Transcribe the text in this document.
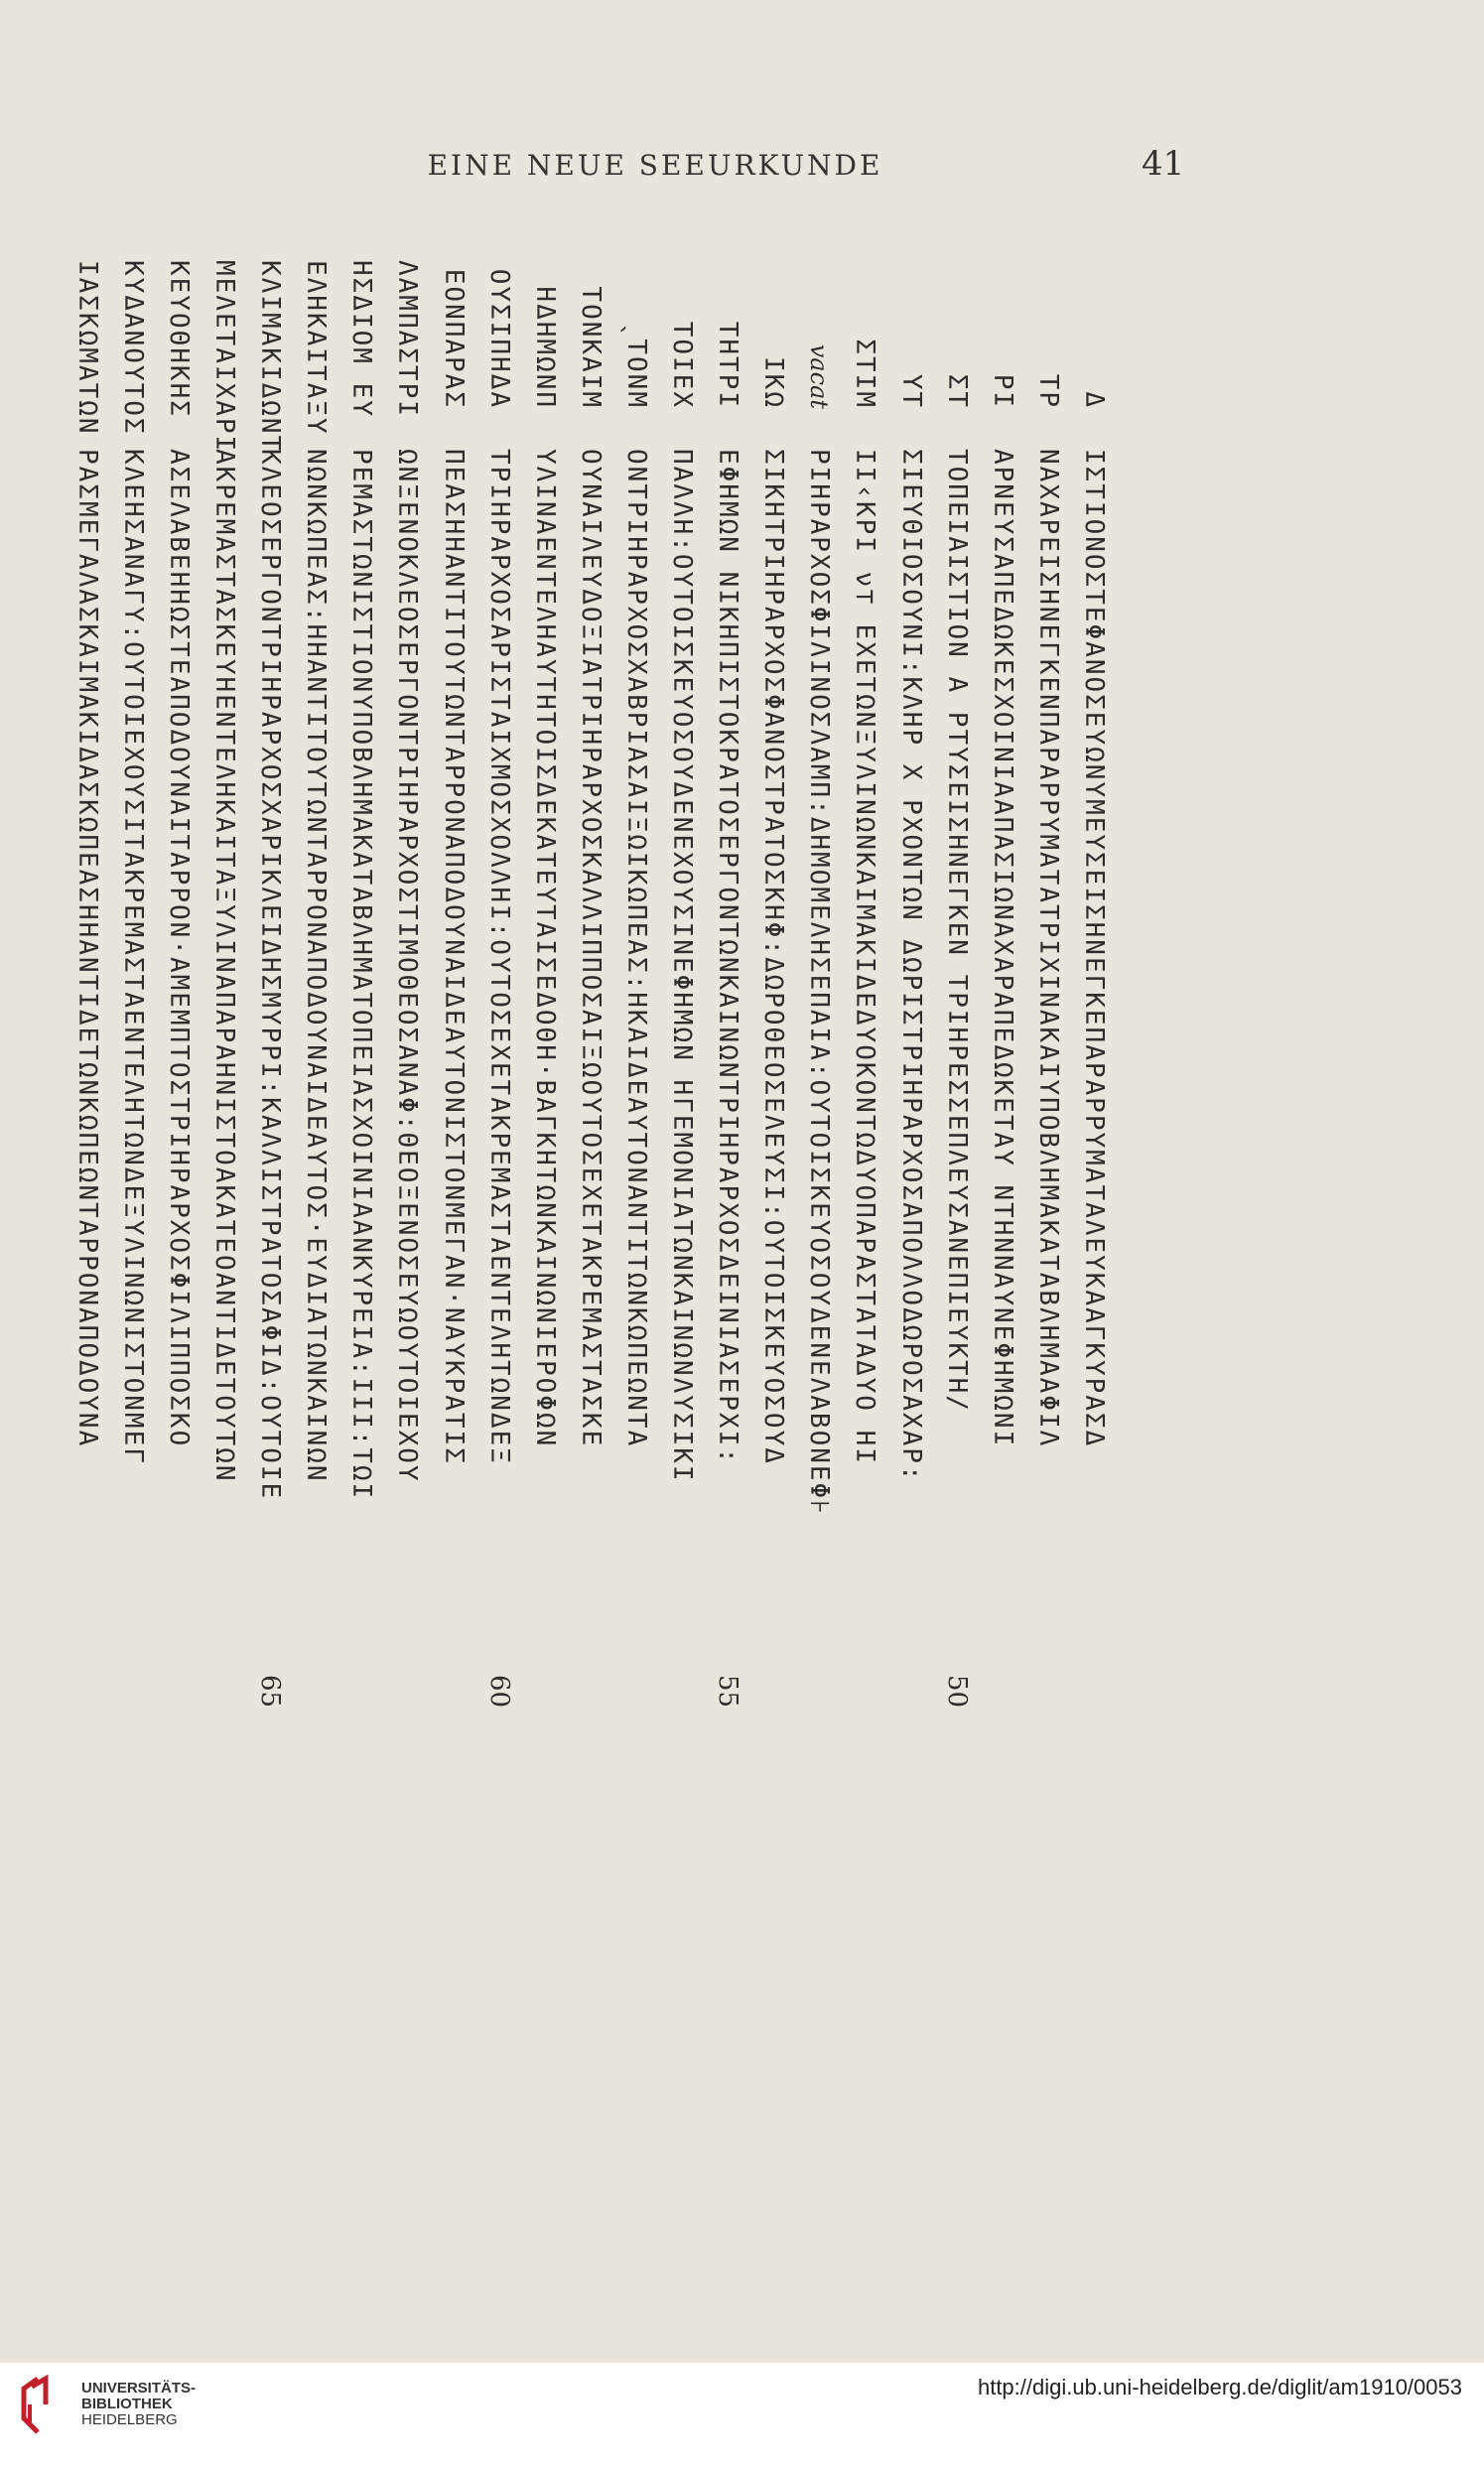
EINE NEUE SEEURKUNDE	41
Δ
ΙΣΤΙΟΝΟΣΤΕΦΑΝΟΣΕΥΩΝΥΜΕΥΣΕΙΣΗΝΕΓΚΕΠΑΡΑΡΡΥΜΑΤΑΛΕΥΚΑΑΓΚΥΡΑΣΔ
ΤΡ
ΝΑΧΑΡΕΙΣΗΝΕΓΚΕΝΠΑΡΑΡΡΥΜΑΤΑΤΡΙΧΙΝΑΚΑΙΥΠΟΒΛΗΜΑΚΑΤΑΒΛΗΜΑΑΦΙΛ
ΡΙ
ΑΡΝΕΥΣΑΠΕΔΩΚΕΣΧΟΙΝΙΑΑΠΑΣΙΩΝΑΧΑΡΑΠΕΔΩΚΕΤΑΥ ΝΤΗΝΝΑΥΝΕΦΗΜΩΝΙ
ΣΤ
ΤΟΠΕΙΑΙΣΤΙΟΝ Α ΡΤΥΣΕΙΣΗΝΕΓΚΕΝ ΤΡΙΗΡΕΣΣΕΠΛΕΥΣΑΝΕΠΙΕΥΚΤΗ/
50
ΥΤ
ΣΙΕΥΘΙΟΣΟΥΝΙ:ΚΛΗΡ Χ ΡΧΟΝΤΩΝ ΔΩΡΙΣΤΡΙΗΡΑΡΧΟΣΑΠΟΛΛΟΔΩΡΟΣΑΧΑΡ:
ΣΤΙΜ
ΙΙ‹ΚΡΙ ν⊤ ΕΧΕΤΩΝΞΥΛΙΝΩΝΚΑΙΜΑΚΙΔΕΔΥΟΚΟΝΤΩΔΥΟΠΑΡΑΣΤΑΤΑΔΥΟ ΗΙ
vacat
ΡΙΗΡΑΡΧΟΣΦΙΛΙΝΟΣΛΑΜΠ:ΔΗΜΟΜΕΛΗΣΕΠΑΙΑ:ΟΥΤΟΙΣΚΕΥΟΣΟΥΔΕΝΕΛΑΒΟΝΕΦ⊦
ΙΚΩ
ΣΙΚΗΤΡΙΗΡΑΡΧΟΣΦΑΝΟΣΤΡΑΤΟΣΚΗΦ:ΔΩΡΟΘΕΟΣΕΛΕΥΣΙ:ΟΥΤΟΙΣΚΕΥΟΣΟΥΔ
ΤΗΤΡΙ
ΕΦΗΜΩΝ ΝΙΚΗΠΙΣΤΟΚΡΑΤΟΣΕΡΓΟΝΤΩΝΚΑΙΝΩΝΤΡΙΗΡΑΡΧΟΣΔΕΙΝΙΑΣΕΡΧΙ:
55
ΤΟΙΕΧ
ΠΑΛΛΗ:ΟΥΤΟΙΣΚΕΥΟΣΟΥΔΕΝΕΧΟΥΣΙΝΕΦΗΜΩΝ ΗΓΕΜΟΝΙΑΤΩΝΚΑΙΝΩΝΛΥΣΙΚΙ
ˎΤΟΝΜ
ΟΝΤΡΙΗΡΑΡΧΟΣΧΑΒΡΙΑΣΑΙΞΩΙΚΩΠΕΑΣ:ΗΚΑΙΔΕΑΥΤΟΝΑΝΤΙΤΩΝΚΩΠΕΩΝΤΑ
ΤΟΝΚΑΙΜ
ΟΥΝΑΙΛΕΥΔΟΞΙΑΤΡΙΗΡΑΡΧΟΣΚΑΛΛΙΠΠΟΣΑΙΞΩΟΥΤΟΣΕΧΕΤΑΚΡΕΜΑΣΤΑΣΚΕ
ΗΔΗΜΩΝΠ
ΥΛΙΝΑΕΝΤΕΛΗΑΥΤΗΤΟΙΣΔΕΚΑΤΕΥΤΑΙΣΕΔΟΘΗ·ΒΑΓΚΗΤΩΝΚΑΙΝΩΝΙΕΡΟΦΩΝ
ΟΥΣΙΠΗΔΑ
ΤΡΙΗΡΑΡΧΟΣΑΡΙΣΤΑΙΧΜΟΣΧΟΛΛΗΙ:ΟΥΤΟΣΕΧΕΤΑΚΡΕΜΑΣΤΑΕΝΤΕΛΗΤΩΝΔΕΞ
60
ΕΟΝΠΑΡΑΣ
ΠΕΑΣΗΗΑΝΤΙΤΟΥΤΩΝΤΑΡΡΟΝΑΠΟΔΟΥΝΑΙΔΕΑΥΤΟΝΙΣΤΟΝΜΕΓΑΝ·ΝΑΥΚΡΑΤΙΣ
ΛΑΜΠΑΣΤΡΙ
ΩΝΞΕΝΟΚΛΕΟΣΕΡΓΟΝΤΡΙΗΡΑΡΧΟΣΤΙΜΟΘΕΟΣΑΝΑΦ:ΘΕΟΞΕΝΟΣΕΥΩΟΥΤΟΙΕΧΟΥ
ΗΣΔΙΟΜ ΕΥ
ΡΕΜΑΣΤΩΝΙΣΤΙΟΝΥΠΟΒΛΗΜΑΚΑΤΑΒΛΗΜΑΤΟΠΕΙΑΣΧΟΙΝΙΑΑΝΚΥΡΕΙΑ:ΙΙΙ:ΤΩΙ
ΕΛΗΚΑΙΤΑΞΥ
ΝΩΝΚΩΠΕΑΣ:ΗΗΑΝΤΙΤΟΥΤΩΝΤΑΡΡΟΝΑΠΟΔΟΥΝΑΙΔΕΑΥΤΟΣ·ΕΥΔΙΑΤΩΝΚΑΙΝΩΝ
ΚΛΙΜΑΚΙΔΩΝΤ
ΚΛΕΟΣΕΡΓΟΝΤΡΙΗΡΑΡΧΟΣΧΑΡΙΚΛΕΙΔΗΣΜΥΡΡΙ:ΚΑΛΛΙΣΤΡΑΤΟΣΑΦΙΔ:ΟΥΤΟΙΕ
65
ΜΕΛΕΤΑΙΧΑΡΙ
ΑΚΡΕΜΑΣΤΑΣΚΕΥΗΕΝΤΕΛΗΚΑΙΤΑΞΥΛΙΝΑΠΑΡΑΗΝΙΣΤΟΑΚΑΤΕΟΑΝΤΙΔΕΤΟΥΤΩΝ
ΚΕΥΟΘΗΚΗΣ
ΑΣΕΛΑΒΕΗΗΩΣΤΕΑΠΟΔΟΥΝΑΙΤΑΡΡΟΝ·ΑΜΕΜΠΤΟΣΤΡΙΗΡΑΡΧΟΣΦΙΛΙΠΠΟΣΚΟ
ΚΥΔΑΝΟΥΤΟΣ
ΚΛΕΗΣΑΝΑΓΥ:ΟΥΤΟΙΕΧΟΥΣΙΤΑΚΡΕΜΑΣΤΑΕΝΤΕΛΗΤΩΝΔΕΞΥΛΙΝΩΝΙΣΤΟΝΜΕΓ
ΙΑΣΚΩΜΑΤΩΝ
ΡΑΣΜΕΓΑΛΑΣΚΑΙΜΑΚΙΔΑΣΚΩΠΕΑΣΗΗΑΝΤΙΔΕΤΩΝΚΩΠΕΩΝΤΑΡΡΟΝΑΠΟΔΟΥΝΑ
UNIVERSITÄTS-
BIBLIOTHEK
HEIDELBERG
http://digi.ub.uni-heidelberg.de/diglit/am1910/0053
